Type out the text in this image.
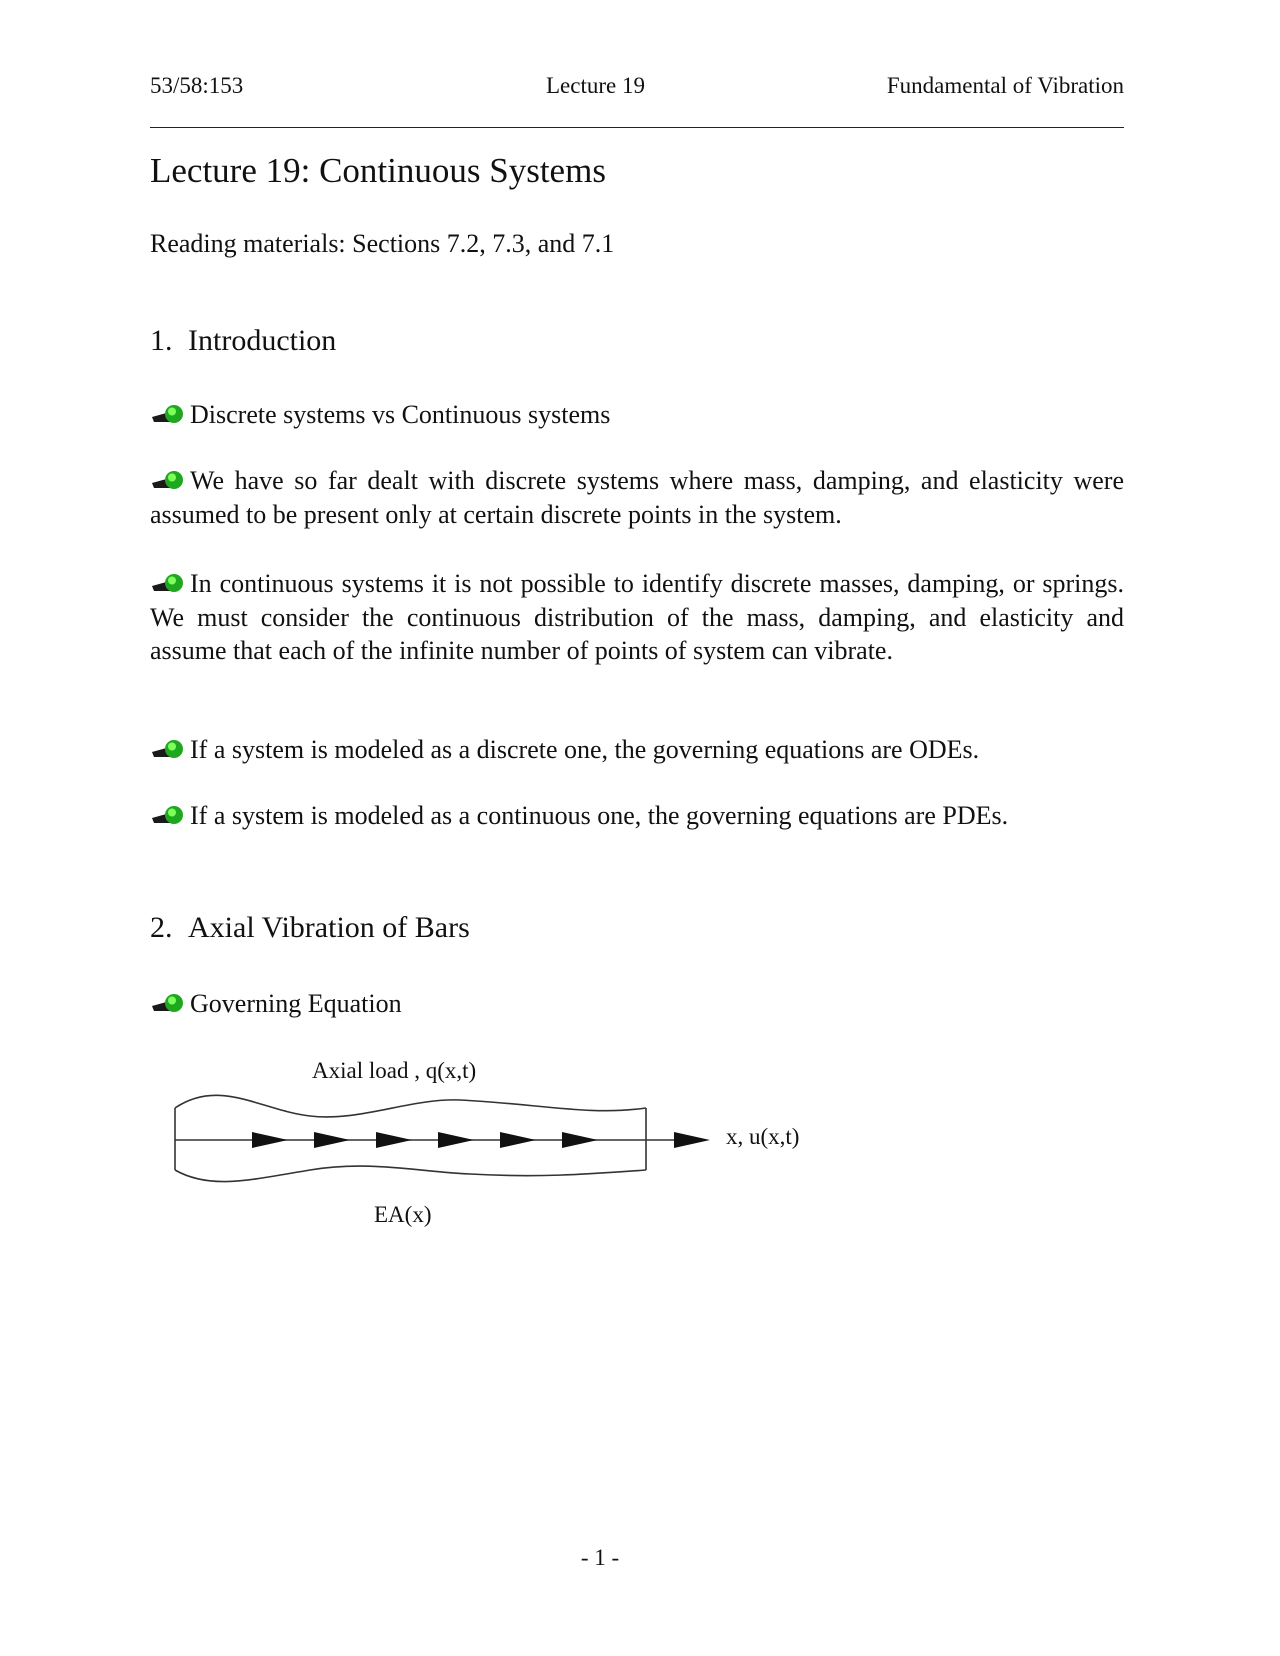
53/58:153	Lecture 19	Fundamental of Vibration
Lecture 19: Continuous Systems
Reading materials: Sections 7.2, 7.3, and 7.1
1. Introduction

Discrete systems vs Continuous systems

We have so far dealt with discrete systems where mass, damping, and elasticity were assumed to be present only at certain discrete points in the system.

In continuous systems it is not possible to identify discrete masses, damping, or springs. We must consider the continuous distribution of the mass, damping, and elasticity and assume that each of the infinite number of points of system can vibrate.

If a system is modeled as a discrete one, the governing equations are ODEs.

If a system is modeled as a continuous one, the governing equations are PDEs.

2. Axial Vibration of Bars

Governing Equation

Axial load , q(x,t)
x, u(x,t)
EA(x)
- 1 -
